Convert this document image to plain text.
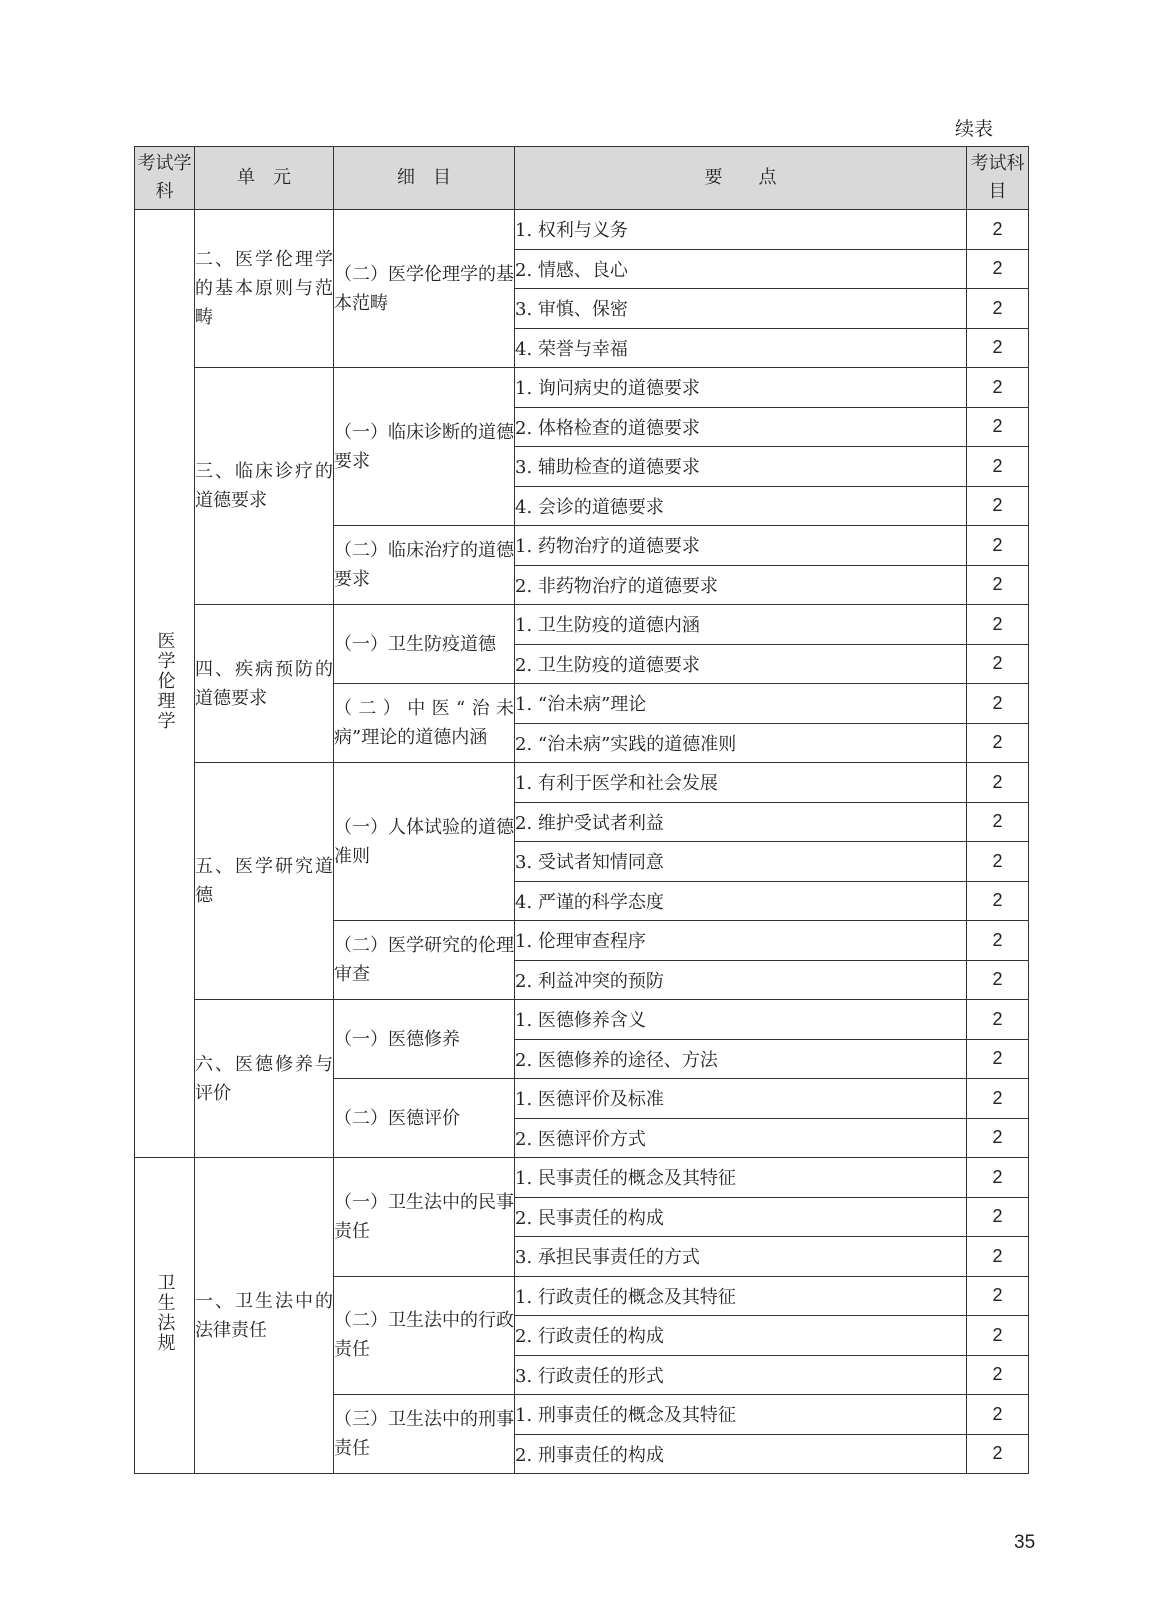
续表
考试学科	单　元	细　目	要　　点	考试科目
医学伦理学	二、医学伦理学的基本原则与范畴	（二）医学伦理学的基本范畴	1. 权利与义务	2
			2. 情感、良心	2
			3. 审慎、保密	2
			4. 荣誉与幸福	2
	三、临床诊疗的道德要求	（一）临床诊断的道德要求	1. 询问病史的道德要求	2
			2. 体格检查的道德要求	2
			3. 辅助检查的道德要求	2
			4. 会诊的道德要求	2
		（二）临床治疗的道德要求	1. 药物治疗的道德要求	2
			2. 非药物治疗的道德要求	2
	四、疾病预防的道德要求	（一）卫生防疫道德	1. 卫生防疫的道德内涵	2
			2. 卫生防疫的道德要求	2
		（二）中医“治未病”理论的道德内涵	1. “治未病”理论	2
			2. “治未病”实践的道德准则	2
	五、医学研究道德	（一）人体试验的道德准则	1. 有利于医学和社会发展	2
			2. 维护受试者利益	2
			3. 受试者知情同意	2
			4. 严谨的科学态度	2
		（二）医学研究的伦理审查	1. 伦理审查程序	2
			2. 利益冲突的预防	2
	六、医德修养与评价	（一）医德修养	1. 医德修养含义	2
			2. 医德修养的途径、方法	2
		（二）医德评价	1. 医德评价及标准	2
			2. 医德评价方式	2
卫生法规	一、卫生法中的法律责任	（一）卫生法中的民事责任	1. 民事责任的概念及其特征	2
			2. 民事责任的构成	2
			3. 承担民事责任的方式	2
		（二）卫生法中的行政责任	1. 行政责任的概念及其特征	2
			2. 行政责任的构成	2
			3. 行政责任的形式	2
		（三）卫生法中的刑事责任	1. 刑事责任的概念及其特征	2
			2. 刑事责任的构成	2
35
